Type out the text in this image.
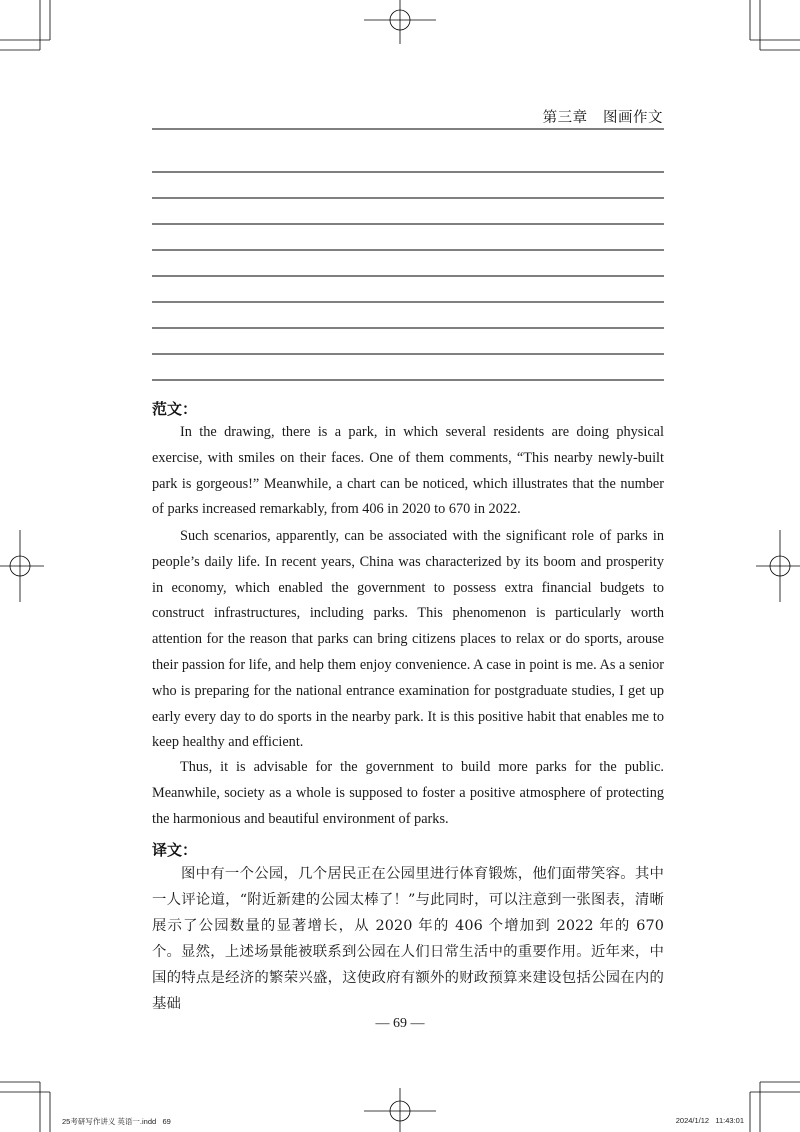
第三章 图画作文
范文：

In the drawing, there is a park, in which several residents are doing physical exercise, with smiles on their faces. One of them comments, “This nearby newly-built park is gorgeous!” Meanwhile, a chart can be noticed, which illustrates that the number of parks increased remarkably, from 406 in 2020 to 670 in 2022.

Such scenarios, apparently, can be associated with the significant role of parks in people’s daily life. In recent years, China was characterized by its boom and prosperity in economy, which enabled the government to possess extra financial budgets to construct infrastructures, including parks. This phenomenon is particularly worth attention for the reason that parks can bring citizens places to relax or do sports, arouse their passion for life, and help them enjoy convenience. A case in point is me. As a senior who is preparing for the national entrance examination for postgraduate studies, I get up early every day to do sports in the nearby park. It is this positive habit that enables me to keep healthy and efficient.

Thus, it is advisable for the government to build more parks for the public. Meanwhile, society as a whole is supposed to foster a positive atmosphere of protecting the harmonious and beautiful environment of parks.

译文：

图中有一个公园，几个居民正在公园里进行体育锻炼，他们面带笑容。其中一人评论道，“附近新建的公园太棒了！”与此同时，可以注意到一张图表，清晰展示了公园数量的显著增长，从 2020 年的 406 个增加到 2022 年的 670 个。 显然，上述场景能被联系到公园在人们日常生活中的重要作用。近年来，中国的特点是经济的繁荣兴盛，这使政府有额外的财政预算来建设包括公园在内的基础

— 69 —
25考研写作讲义 英语一.indd   69	2024/1/12   11:43:01
